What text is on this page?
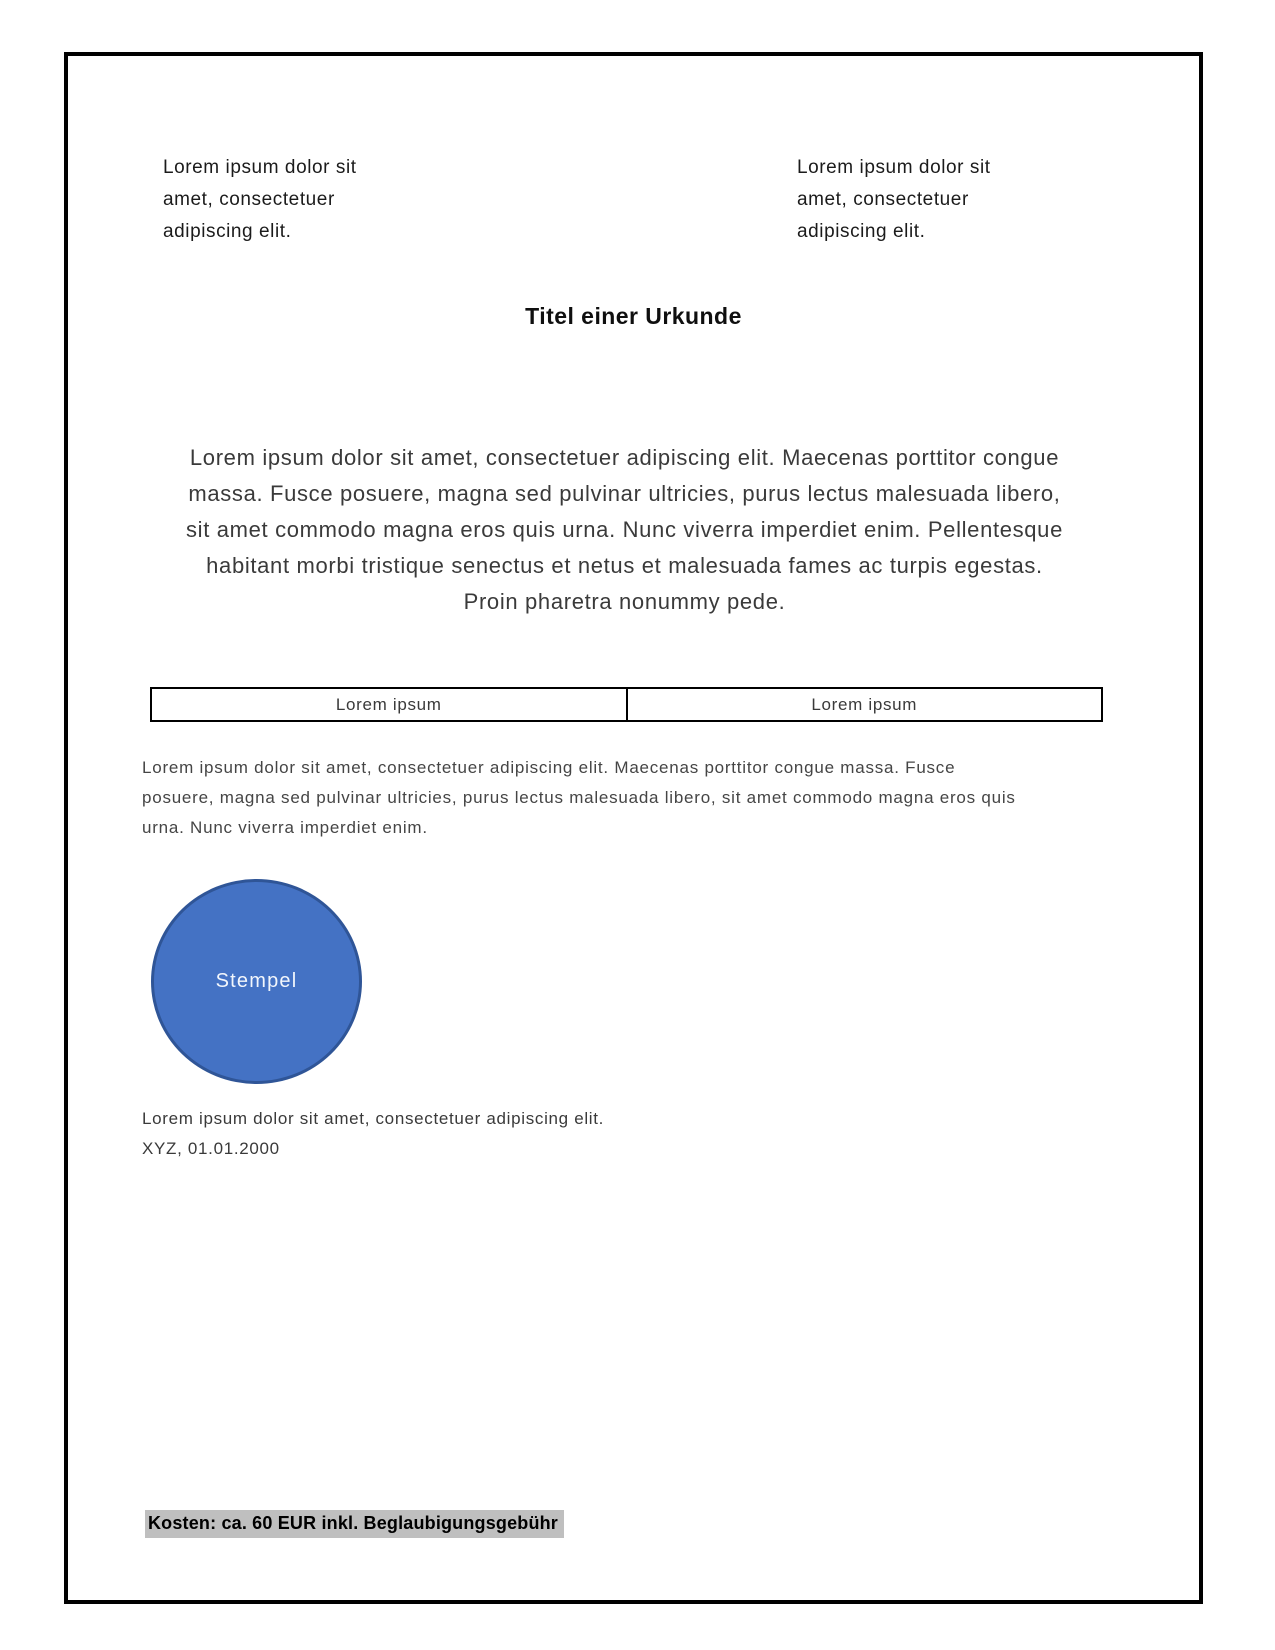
Lorem ipsum dolor sit
amet, consectetuer
adipiscing elit.
Lorem ipsum dolor sit
amet, consectetuer
adipiscing elit.
Titel einer Urkunde
Lorem ipsum dolor sit amet, consectetuer adipiscing elit. Maecenas porttitor congue massa. Fusce posuere, magna sed pulvinar ultricies, purus lectus malesuada libero, sit amet commodo magna eros quis urna. Nunc viverra imperdiet enim. Pellentesque habitant morbi tristique senectus et netus et malesuada fames ac turpis egestas. Proin pharetra nonummy pede.
Lorem ipsum	Lorem ipsum
Lorem ipsum dolor sit amet, consectetuer adipiscing elit. Maecenas porttitor congue massa. Fusce posuere, magna sed pulvinar ultricies, purus lectus malesuada libero, sit amet commodo magna eros quis urna. Nunc viverra imperdiet enim.
Stempel
Lorem ipsum dolor sit amet, consectetuer adipiscing elit.
XYZ, 01.01.2000
Kosten: ca. 60 EUR inkl. Beglaubigungsgebühr
